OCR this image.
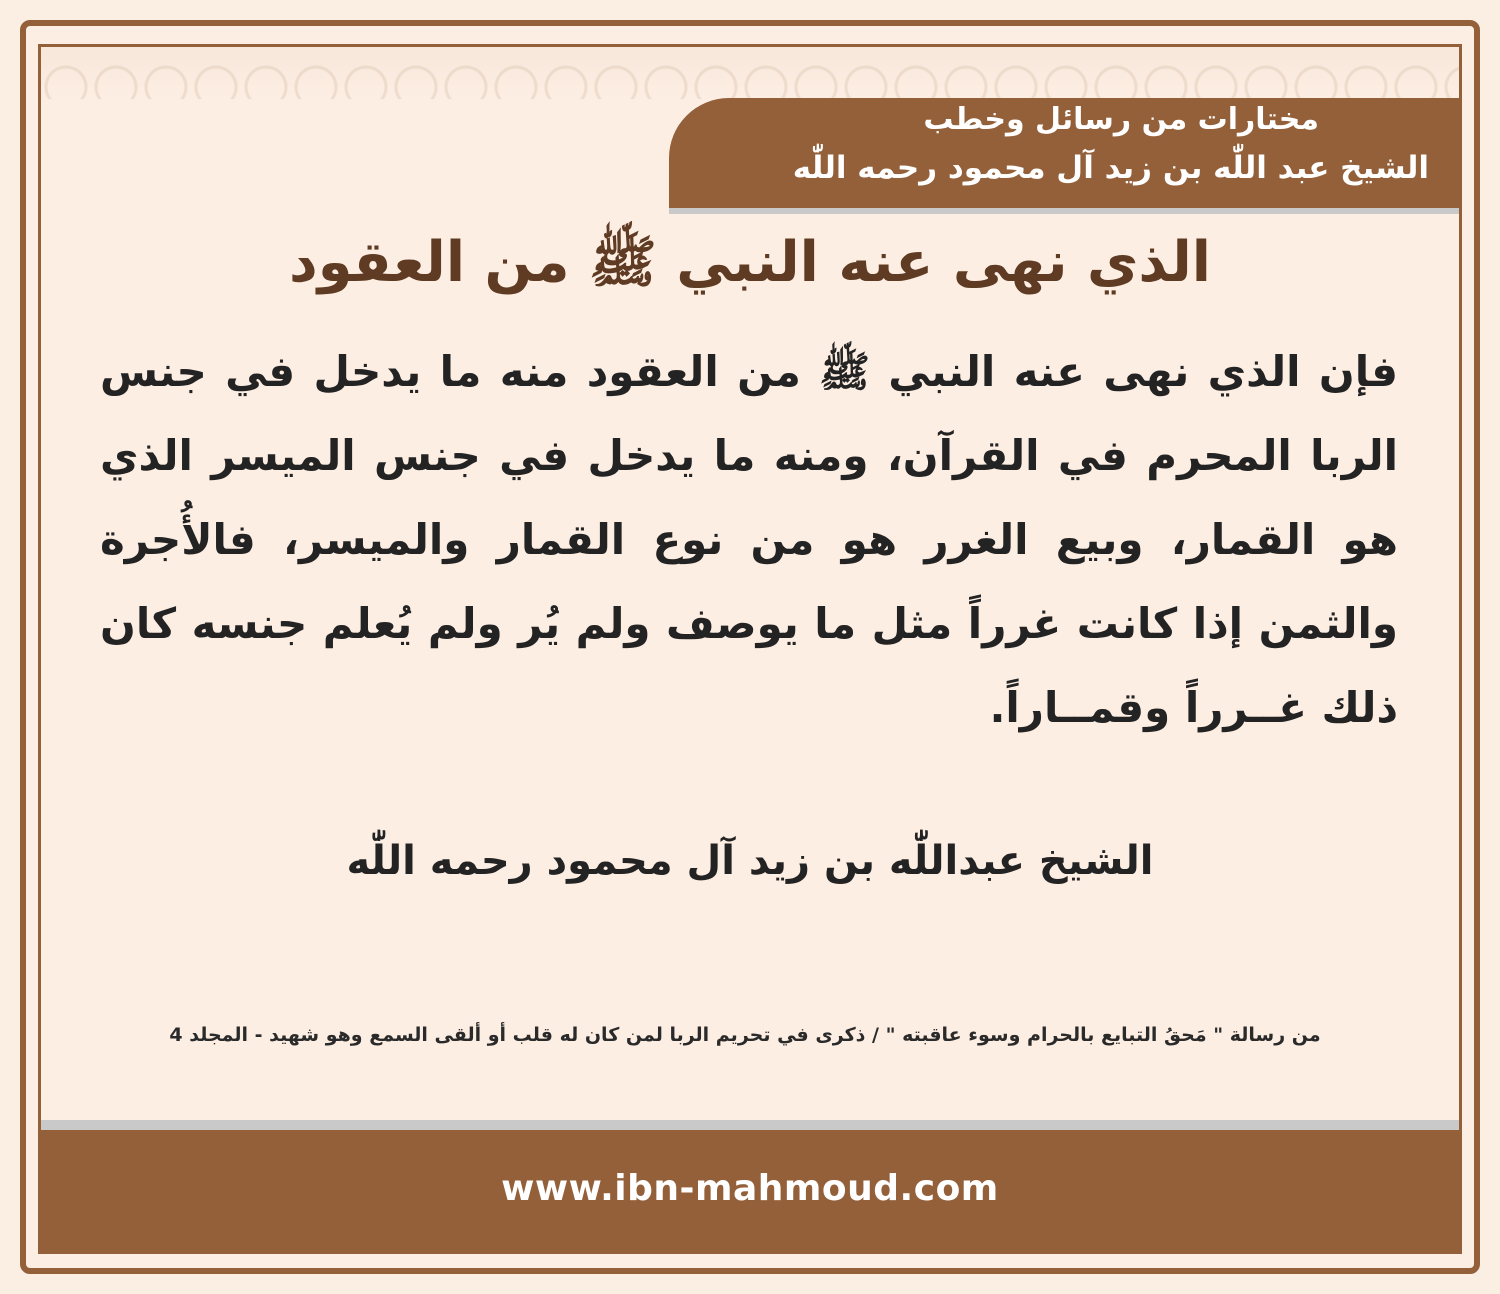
مختارات من رسائل وخطب
الشيخ عبد اللّٰه بن زيد آل محمود رحمه اللّٰه
الذي نهى عنه النبي ﷺ من العقود
فإن الذي نهى عنه النبي ﷺ من العقود منه ما يدخل في جنس الربا المحرم في القرآن، ومنه ما يدخل في جنس الميسر الذي هو القمار، وبيع الغرر هو من نوع القمار والميسر، فالأُجرة والثمن إذا كانت غرراً مثل ما يوصف ولم يُر ولم يُعلم جنسه كان ذلك غــرراً وقمــاراً.
الشيخ عبداللّٰه بن زيد آل محمود رحمه اللّٰه
من رسالة " مَحقُ التبايع بالحرام وسوء عاقبته " / ذكرى في تحريم الربا لمن كان له قلب أو ألقى السمع وهو شهيد - المجلد 4
www.ibn-mahmoud.com
